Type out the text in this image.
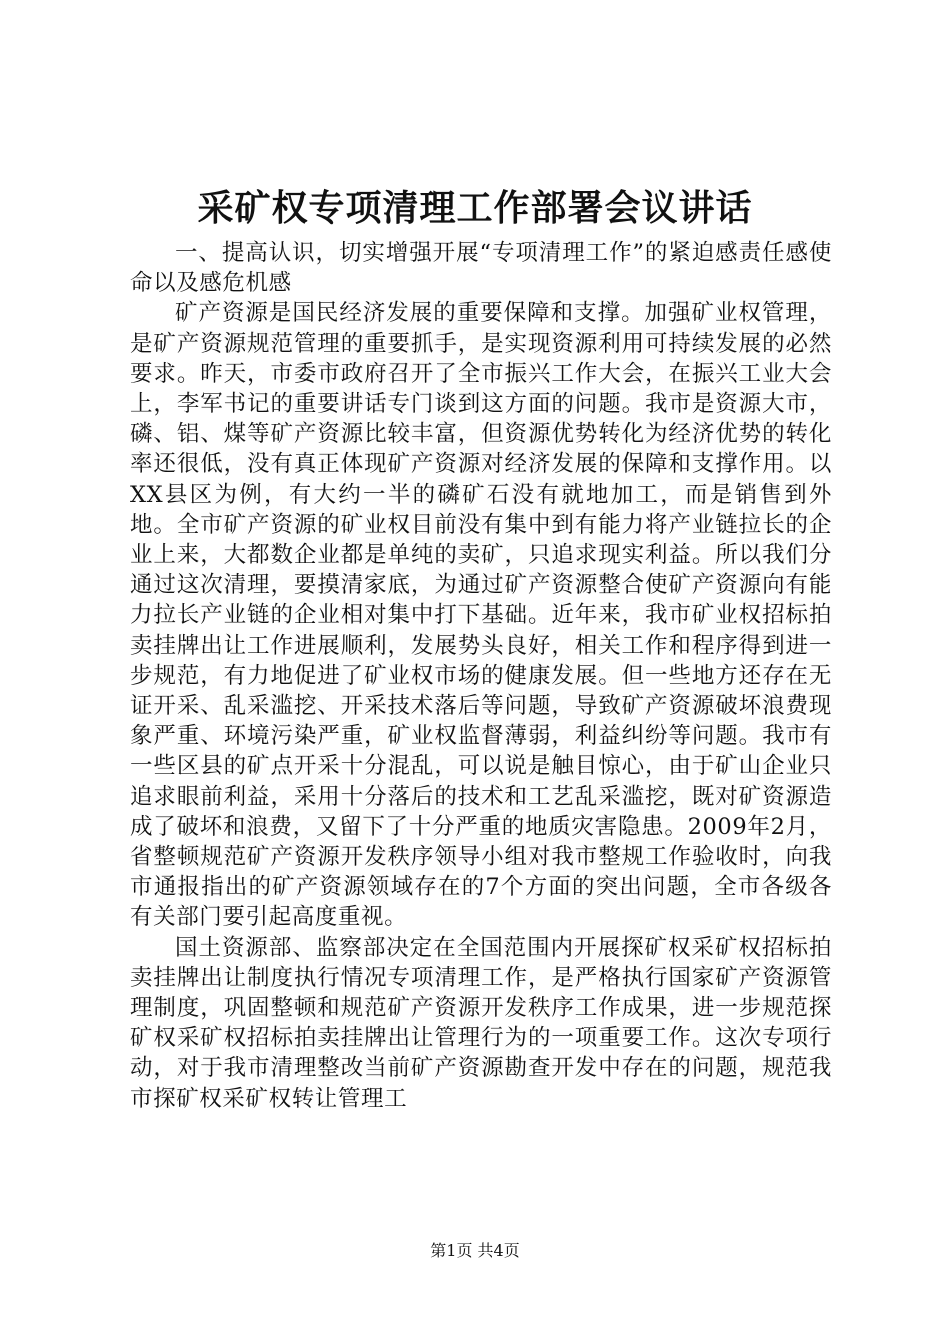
采矿权专项清理工作部署会议讲话

一、提高认识，切实增强开展“专项清理工作”的紧迫感责任感使命以及感危机感

矿产资源是国民经济发展的重要保障和支撑。加强矿业权管理，是矿产资源规范管理的重要抓手，是实现资源利用可持续发展的必然要求。昨天，市委市政府召开了全市振兴工作大会，在振兴工业大会上，李军书记的重要讲话专门谈到这方面的问题。我市是资源大市，磷、铝、煤等矿产资源比较丰富，但资源优势转化为经济优势的转化率还很低，没有真正体现矿产资源对经济发展的保障和支撑作用。以XX县区为例，有大约一半的磷矿石没有就地加工，而是销售到外地。全市矿产资源的矿业权目前没有集中到有能力将产业链拉长的企业上来，大都数企业都是单纯的卖矿，只追求现实利益。所以我们分通过这次清理，要摸清家底，为通过矿产资源整合使矿产资源向有能力拉长产业链的企业相对集中打下基础。近年来，我市矿业权招标拍卖挂牌出让工作进展顺利，发展势头良好，相关工作和程序得到进一步规范，有力地促进了矿业权市场的健康发展。但一些地方还存在无证开采、乱采滥挖、开采技术落后等问题，导致矿产资源破坏浪费现象严重、环境污染严重，矿业权监督薄弱，利益纠纷等问题。我市有一些区县的矿点开采十分混乱，可以说是触目惊心，由于矿山企业只追求眼前利益，采用十分落后的技术和工艺乱采滥挖，既对矿资源造成了破坏和浪费，又留下了十分严重的地质灾害隐患。2009年2月，省整顿规范矿产资源开发秩序领导小组对我市整规工作验收时，向我市通报指出的矿产资源领域存在的7个方面的突出问题，全市各级各有关部门要引起高度重视。

国土资源部、监察部决定在全国范围内开展探矿权采矿权招标拍卖挂牌出让制度执行情况专项清理工作，是严格执行国家矿产资源管理制度，巩固整顿和规范矿产资源开发秩序工作成果，进一步规范探矿权采矿权招标拍卖挂牌出让管理行为的一项重要工作。这次专项行动，对于我市清理整改当前矿产资源勘查开发中存在的问题，规范我市探矿权采矿权转让管理工

第1页 共4页
